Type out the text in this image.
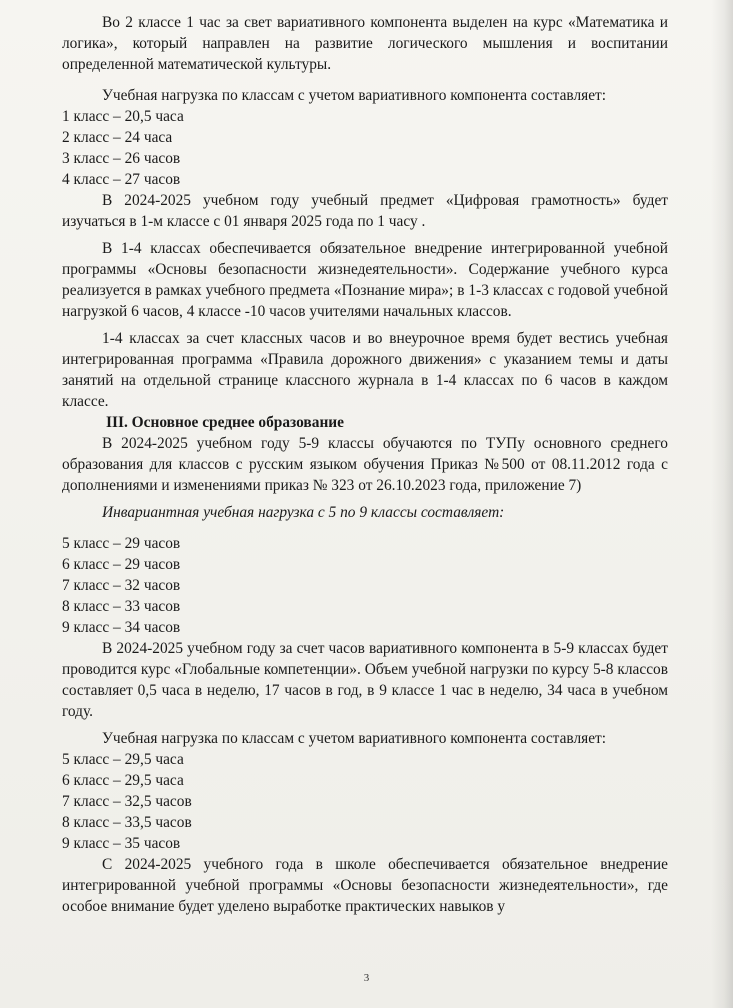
Во 2 классе 1 час за свет вариативного компонента выделен на курс «Математика и логика», который направлен на развитие логического мышления и воспитании определенной математической культуры.

Учебная нагрузка по классам с учетом вариативного компонента составляет:

1 класс – 20,5 часа
2 класс – 24 часа
3 класс – 26 часов
4 класс – 27 часов

В 2024-2025 учебном году учебный предмет «Цифровая грамотность» будет изучаться в 1-м классе с 01 января 2025 года по 1 часу .

В 1-4 классах обеспечивается обязательное внедрение интегрированной учебной программы «Основы безопасности жизнедеятельности». Содержание учебного курса реализуется в рамках учебного предмета «Познание мира»; в 1-3 классах с годовой учебной нагрузкой 6 часов, 4 классе -10 часов учителями начальных классов.

1-4 классах за счет классных часов и во внеурочное время будет вестись учебная интегрированная программа «Правила дорожного движения» с указанием темы и даты занятий на отдельной странице классного журнала в 1-4 классах по 6 часов в каждом классе.

III. Основное среднее образование

В 2024-2025 учебном году 5-9 классы обучаются по ТУПу основного среднего образования для классов с русским языком обучения Приказ №500 от 08.11.2012 года с дополнениями и изменениями приказ № 323 от 26.10.2023 года, приложение 7)

Инвариантная учебная нагрузка с 5 по 9 классы составляет:

5 класс – 29 часов
6 класс – 29 часов
7 класс – 32 часов
8 класс – 33 часов
9 класс – 34 часов

В 2024-2025 учебном году за счет часов вариативного компонента в 5-9 классах будет проводится курс «Глобальные компетенции». Объем учебной нагрузки по курсу 5-8 классов составляет 0,5 часа в неделю, 17 часов в год, в 9 классе 1 час в неделю, 34 часа в учебном году.

Учебная нагрузка по классам с учетом вариативного компонента составляет:

5 класс – 29,5 часа
6 класс – 29,5 часа
7 класс – 32,5 часов
8 класс – 33,5 часов
9 класс – 35 часов

С 2024-2025 учебного года в школе обеспечивается обязательное внедрение интегрированной учебной программы «Основы безопасности жизнедеятельности», где особое внимание будет уделено выработке практических навыков у

3
